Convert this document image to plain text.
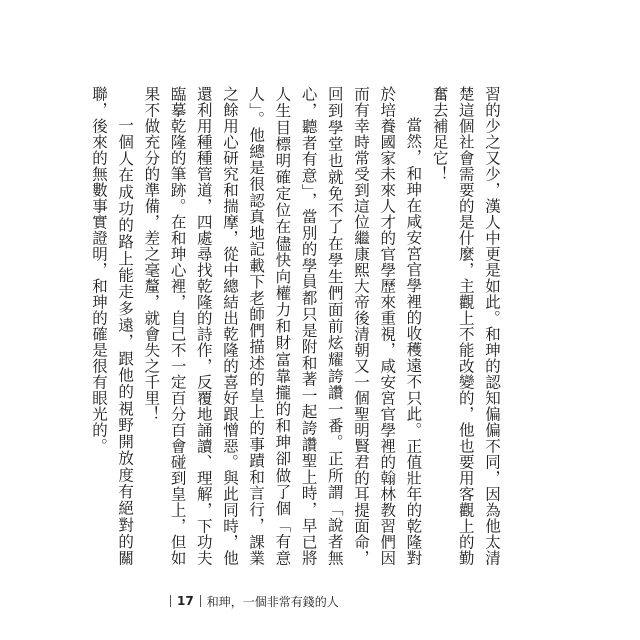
習的少之又少，漢人中更是如此。和珅的認知偏偏不同，因為他太清楚這個社會需要的是什麼，主觀上不能改變的，他也要用客觀上的勤奮去補足它！

當然，和珅在咸安宮官學裡的收穫遠不只此。正值壯年的乾隆對於培養國家未來人才的官學歷來重視，咸安宮官學裡的翰林教習們因而有幸時常受到這位繼康熙大帝後清朝又一個聖明賢君的耳提面命，回到學堂也就免不了在學生們面前炫耀誇讚一番。正所謂「說者無心，聽者有意」，當別的學員都只是附和著一起誇讚聖上時，早已將人生目標明確定位在儘快向權力和財富靠攏的和珅卻做了個「有意人」。他總是很認真地記載下老師們描述的皇上的事蹟和言行，課業之餘用心研究和揣摩，從中總結出乾隆的喜好跟憎惡。與此同時，他還利用種種管道，四處尋找乾隆的詩作，反覆地誦讀、理解，下功夫臨摹乾隆的筆跡。在和珅心裡，自己不一定百分百會碰到皇上，但如果不做充分的準備，差之毫釐，就會失之千里！

一個人在成功的路上能走多遠，跟他的視野開放度有絕對的關聯，後來的無數事實證明，和珅的確是很有眼光的。

17 和珅，一個非常有錢的人
